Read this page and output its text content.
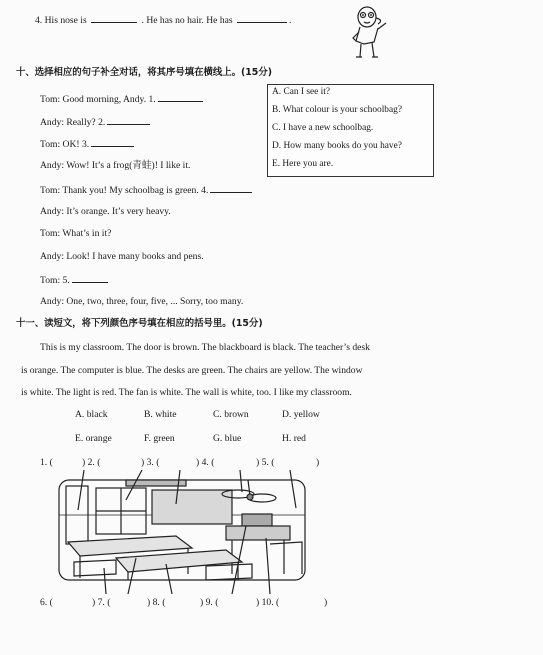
4. His nose is	. He has no hair. He has	.
十、选择相应的句子补全对话，将其序号填在横线上。(15分)
Tom: Good morning, Andy. 1.
Andy: Really? 2.
Tom: OK! 3.
Andy: Wow! It’s a frog(青蛙)! I like it.
Tom: Thank you! My schoolbag is green. 4.
Andy: It’s orange. It’s very heavy.
Tom: What’s in it?
Andy: Look! I have many books and pens.
Tom: 5.
Andy: One, two, three, four, five, ... Sorry, too many.
A. Can I see it?
B. What colour is your schoolbag?
C. I have a new schoolbag.
D. How many books do you have?
E. Here you are.
十一、读短文，将下列颜色序号填在相应的括号里。(15分)
This is my classroom. The door is brown. The blackboard is black. The teacher’s desk
is orange. The computer is blue. The desks are green. The chairs are yellow. The window
is white. The light is red. The fan is white. The wall is white, too. I like my classroom.
A. black	B. white	C. brown	D. yellow
E. orange	F. green	G. blue	H. red
1. (	) 2. (	) 3. (	) 4. (	) 5. (	)
6. (	) 7. (	) 8. (	) 9. (	) 10. (	)
